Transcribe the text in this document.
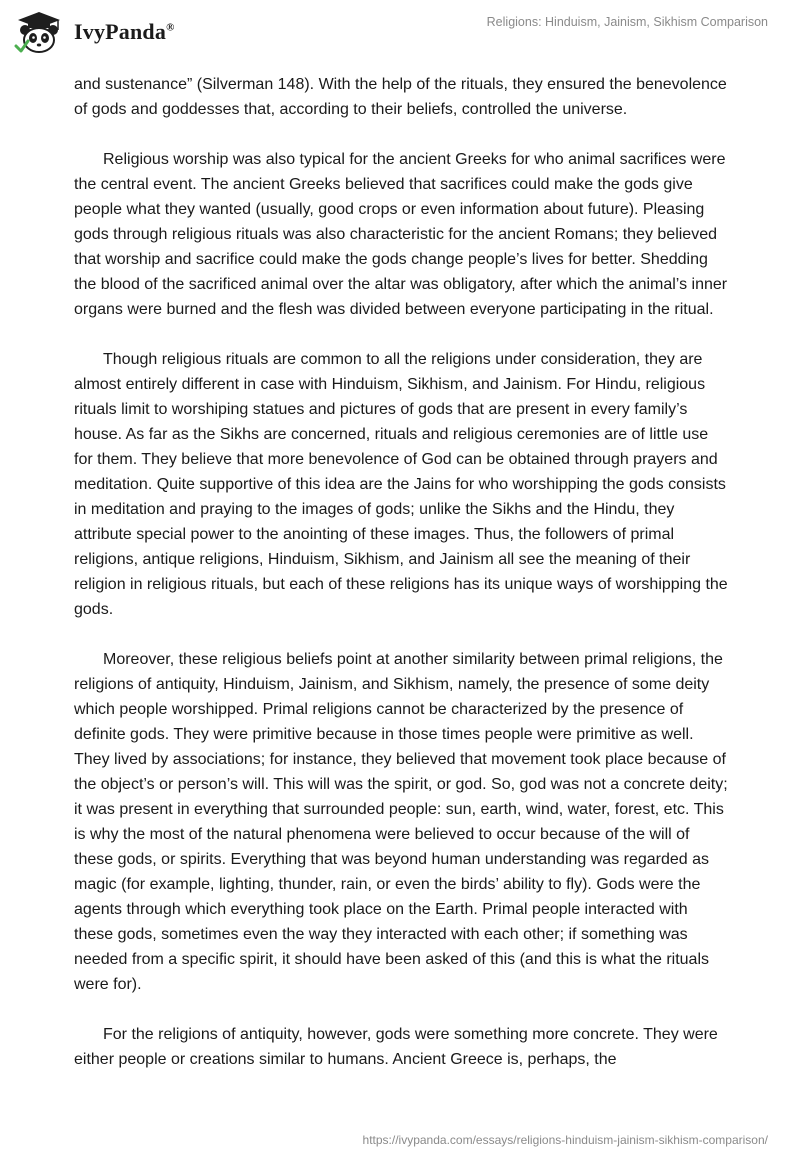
IvyPanda®	Religions: Hinduism, Jainism, Sikhism Comparison

and sustenance” (Silverman 148). With the help of the rituals, they ensured the benevolence of gods and goddesses that, according to their beliefs, controlled the universe.

Religious worship was also typical for the ancient Greeks for who animal sacrifices were the central event. The ancient Greeks believed that sacrifices could make the gods give people what they wanted (usually, good crops or even information about future). Pleasing gods through religious rituals was also characteristic for the ancient Romans; they believed that worship and sacrifice could make the gods change people’s lives for better. Shedding the blood of the sacrificed animal over the altar was obligatory, after which the animal’s inner organs were burned and the flesh was divided between everyone participating in the ritual.

Though religious rituals are common to all the religions under consideration, they are almost entirely different in case with Hinduism, Sikhism, and Jainism. For Hindu, religious rituals limit to worshiping statues and pictures of gods that are present in every family’s house. As far as the Sikhs are concerned, rituals and religious ceremonies are of little use for them. They believe that more benevolence of God can be obtained through prayers and meditation. Quite supportive of this idea are the Jains for who worshipping the gods consists in meditation and praying to the images of gods; unlike the Sikhs and the Hindu, they attribute special power to the anointing of these images. Thus, the followers of primal religions, antique religions, Hinduism, Sikhism, and Jainism all see the meaning of their religion in religious rituals, but each of these religions has its unique ways of worshipping the gods.

Moreover, these religious beliefs point at another similarity between primal religions, the religions of antiquity, Hinduism, Jainism, and Sikhism, namely, the presence of some deity which people worshipped. Primal religions cannot be characterized by the presence of definite gods. They were primitive because in those times people were primitive as well. They lived by associations; for instance, they believed that movement took place because of the object’s or person’s will. This will was the spirit, or god. So, god was not a concrete deity; it was present in everything that surrounded people: sun, earth, wind, water, forest, etc. This is why the most of the natural phenomena were believed to occur because of the will of these gods, or spirits. Everything that was beyond human understanding was regarded as magic (for example, lighting, thunder, rain, or even the birds’ ability to fly). Gods were the agents through which everything took place on the Earth. Primal people interacted with these gods, sometimes even the way they interacted with each other; if something was needed from a specific spirit, it should have been asked of this (and this is what the rituals were for).

For the religions of antiquity, however, gods were something more concrete. They were either people or creations similar to humans. Ancient Greece is, perhaps, the

https://ivypanda.com/essays/religions-hinduism-jainism-sikhism-comparison/
